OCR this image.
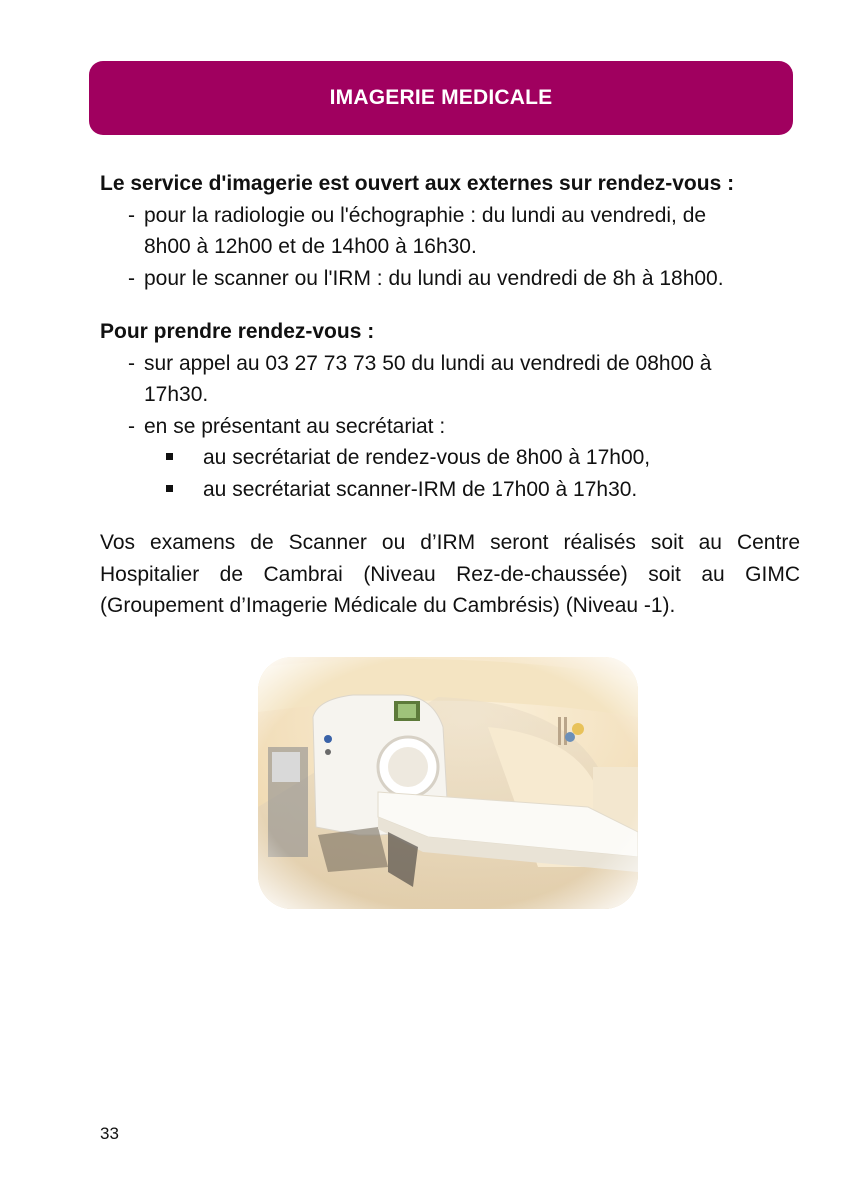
IMAGERIE MEDICALE

Le service d'imagerie est ouvert aux externes sur rendez-vous :

- pour la radiologie ou l'échographie : du lundi au vendredi, de

8h00 à 12h00 et de 14h00 à 16h30.

- pour le scanner ou l'IRM : du lundi au vendredi de 8h à 18h00.

Pour prendre rendez-vous :

- sur appel au 03 27 73 73 50 du lundi au vendredi de 08h00 à

17h30.

- en se présentant au secrétariat :

au secrétariat de rendez-vous de 8h00 à 17h00,
au secrétariat scanner-IRM de 17h00 à 17h30.

Vos examens de Scanner ou d’IRM seront réalisés soit au Centre Hospitalier de Cambrai (Niveau Rez-de-chaussée) soit au GIMC (Groupement d’Imagerie Médicale du Cambrésis) (Niveau -1).

33
